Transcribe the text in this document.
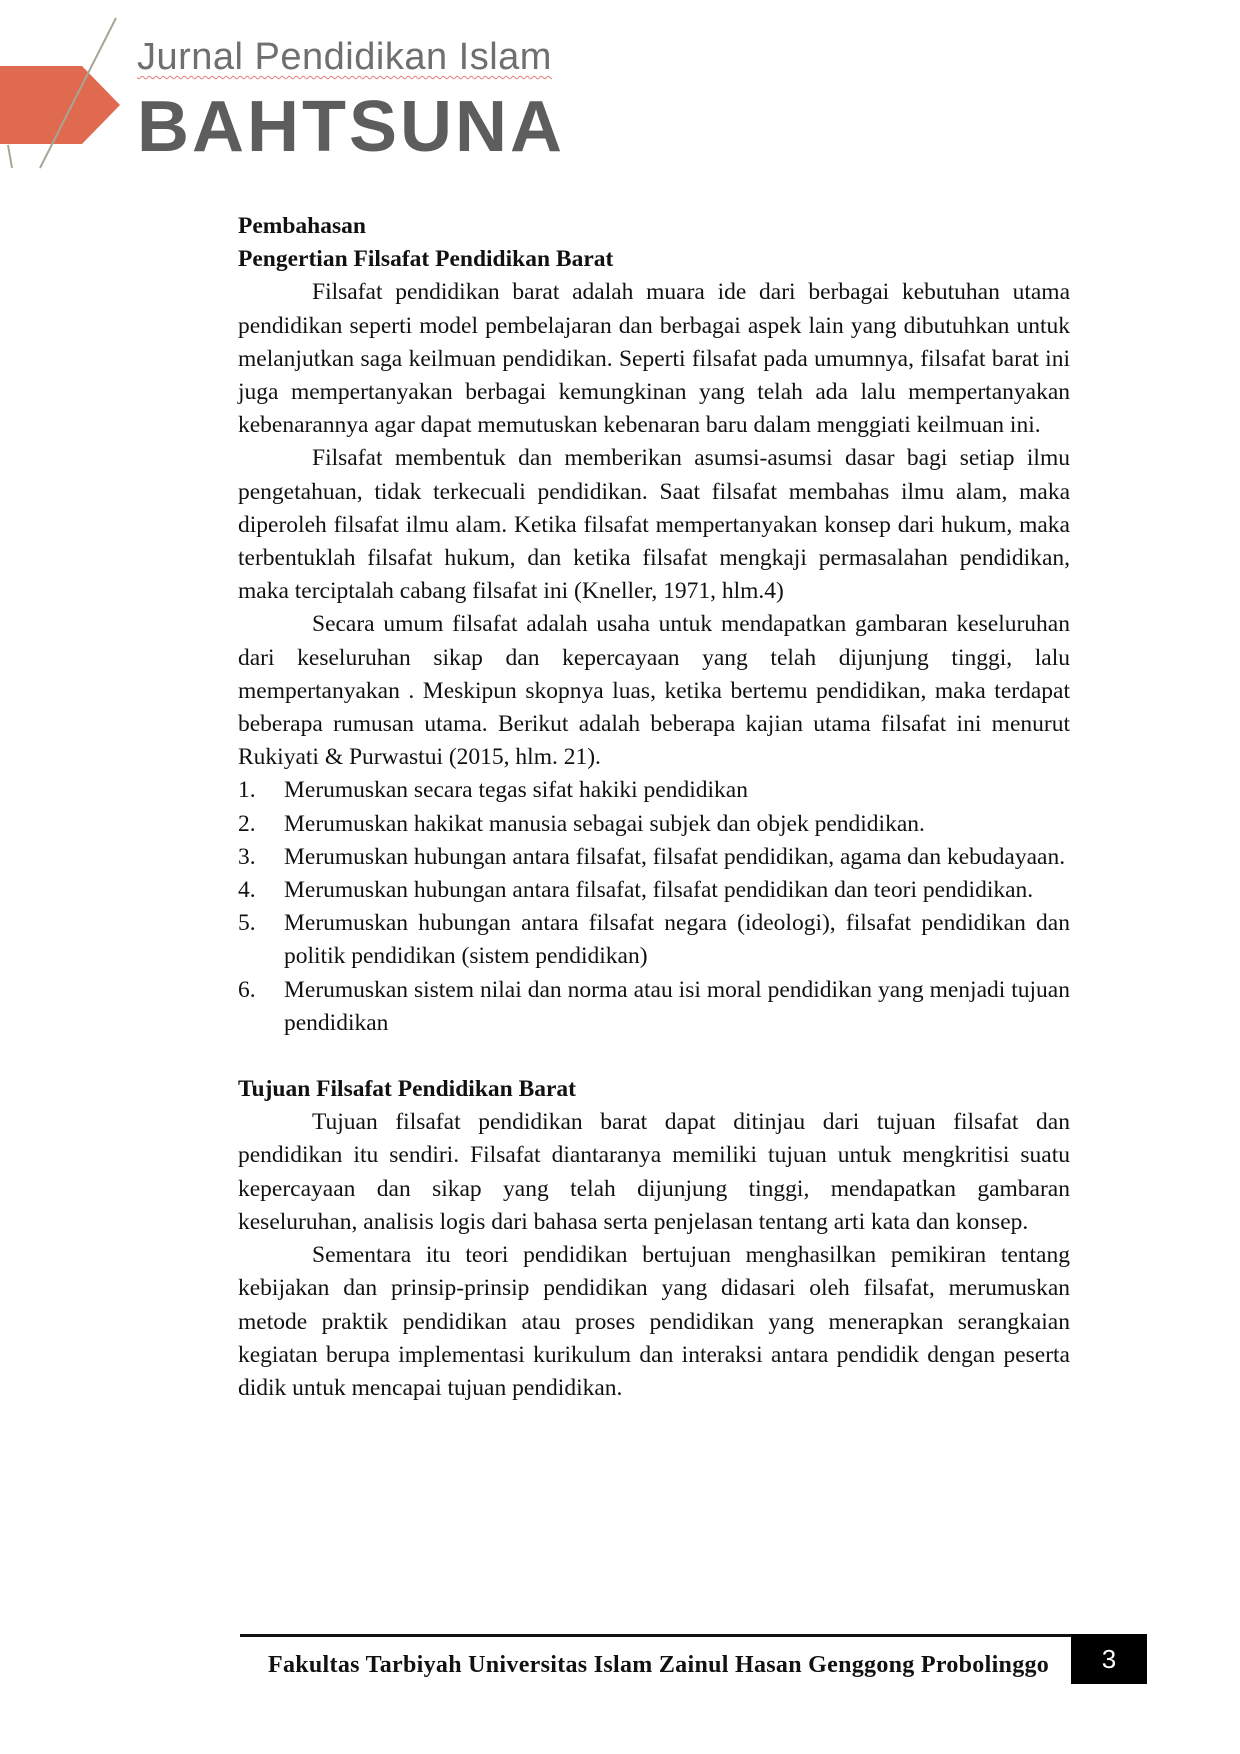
Jurnal Pendidikan Islam
BAHTSUNA
Pembahasan
Pengertian Filsafat Pendidikan Barat
Filsafat pendidikan barat adalah muara ide dari berbagai kebutuhan utama pendidikan seperti model pembelajaran dan berbagai aspek lain yang dibutuhkan untuk melanjutkan saga keilmuan pendidikan. Seperti filsafat pada umumnya, filsafat barat ini juga mempertanyakan berbagai kemungkinan yang telah ada lalu mempertanyakan kebenarannya agar dapat memutuskan kebenaran baru dalam menggiati keilmuan ini.
Filsafat membentuk dan memberikan asumsi-asumsi dasar bagi setiap ilmu pengetahuan, tidak terkecuali pendidikan. Saat filsafat membahas ilmu alam, maka diperoleh filsafat ilmu alam. Ketika filsafat mempertanyakan konsep dari hukum, maka terbentuklah filsafat hukum, dan ketika filsafat mengkaji permasalahan pendidikan, maka terciptalah cabang filsafat ini (Kneller, 1971, hlm.4)
Secara umum filsafat adalah usaha untuk mendapatkan gambaran keseluruhan dari keseluruhan sikap dan kepercayaan yang telah dijunjung tinggi, lalu mempertanyakan . Meskipun skopnya luas, ketika bertemu pendidikan, maka terdapat beberapa rumusan utama. Berikut adalah beberapa kajian utama filsafat ini menurut Rukiyati & Purwastui (2015, hlm. 21).
1.	Merumuskan secara tegas sifat hakiki pendidikan
2.	Merumuskan hakikat manusia sebagai subjek dan objek pendidikan.
3.	Merumuskan hubungan antara filsafat, filsafat pendidikan, agama dan kebudayaan.
4.	Merumuskan hubungan antara filsafat, filsafat pendidikan dan teori pendidikan.
5.	Merumuskan hubungan antara filsafat negara (ideologi), filsafat pendidikan dan politik pendidikan (sistem pendidikan)
6.	Merumuskan sistem nilai dan norma atau isi moral pendidikan yang menjadi tujuan pendidikan
Tujuan Filsafat Pendidikan Barat
Tujuan filsafat pendidikan barat dapat ditinjau dari tujuan filsafat dan pendidikan itu sendiri. Filsafat diantaranya memiliki tujuan untuk mengkritisi suatu kepercayaan dan sikap yang telah dijunjung tinggi, mendapatkan gambaran keseluruhan, analisis logis dari bahasa serta penjelasan tentang arti kata dan konsep.
Sementara itu teori pendidikan bertujuan menghasilkan pemikiran tentang kebijakan dan prinsip-prinsip pendidikan yang didasari oleh filsafat, merumuskan metode praktik pendidikan atau proses pendidikan yang menerapkan serangkaian kegiatan berupa implementasi kurikulum dan interaksi antara pendidik dengan peserta didik untuk mencapai tujuan pendidikan.
Fakultas Tarbiyah Universitas Islam Zainul Hasan Genggong Probolinggo 3
